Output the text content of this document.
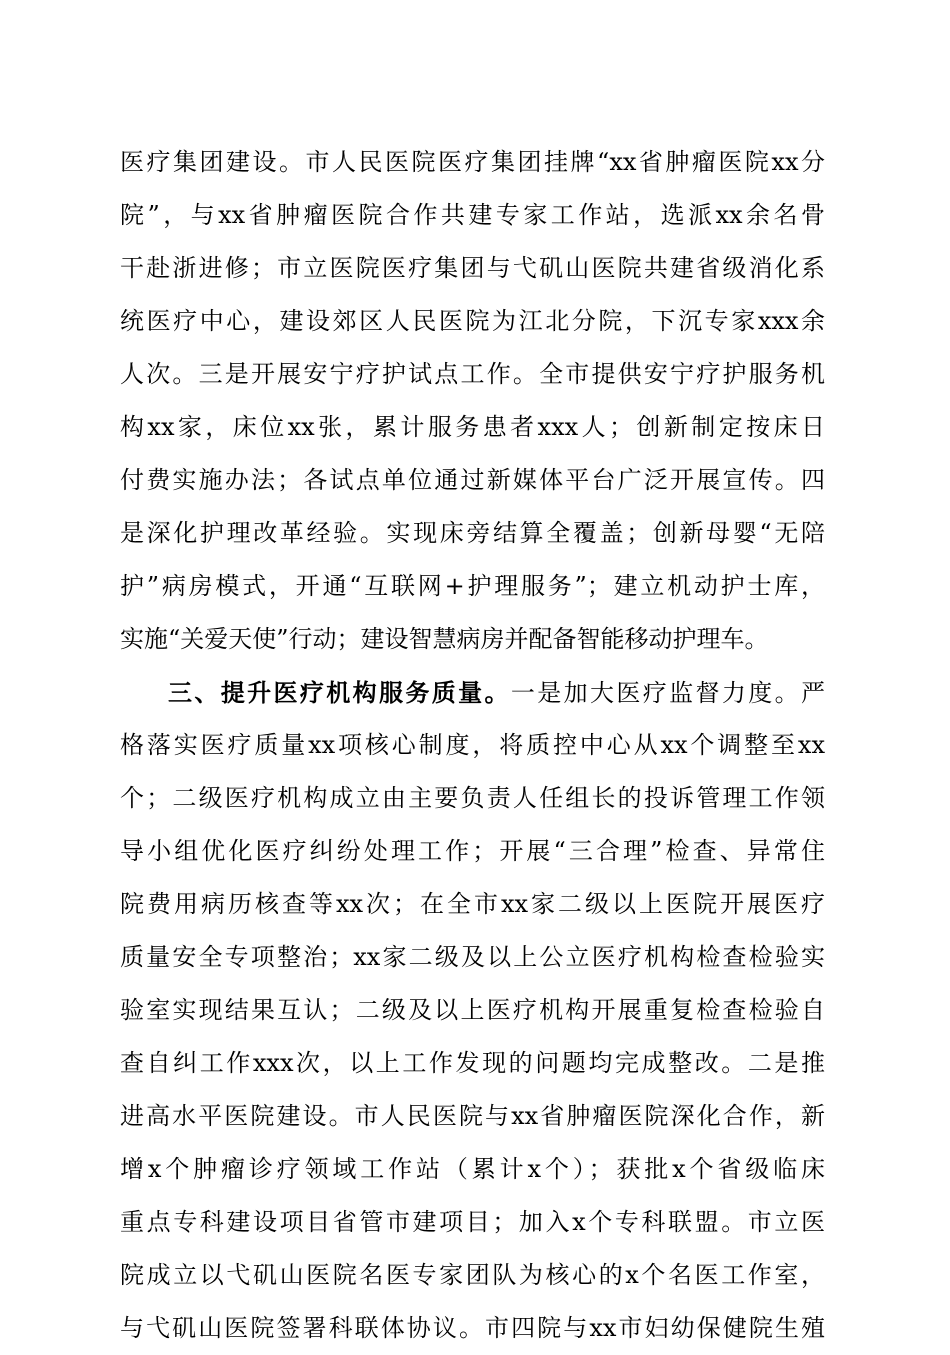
医疗集团建设。市人民医院医疗集团挂牌“xx省肿瘤医院xx分
院”，与xx省肿瘤医院合作共建专家工作站，选派xx余名骨
干赴浙进修；市立医院医疗集团与弋矶山医院共建省级消化系
统医疗中心，建设郊区人民医院为江北分院，下沉专家xxx余
人次。三是开展安宁疗护试点工作。全市提供安宁疗护服务机
构xx家，床位xx张，累计服务患者xxx人；创新制定按床日
付费实施办法；各试点单位通过新媒体平台广泛开展宣传。四
是深化护理改革经验。实现床旁结算全覆盖；创新母婴“无陪
护”病房模式，开通“互联网+护理服务”；建立机动护士库，
实施“关爱天使”行动；建设智慧病房并配备智能移动护理车。
三、提升医疗机构服务质量。一是加大医疗监督力度。严
格落实医疗质量xx项核心制度，将质控中心从xx个调整至xx
个；二级医疗机构成立由主要负责人任组长的投诉管理工作领
导小组优化医疗纠纷处理工作；开展“三合理”检查、异常住
院费用病历核查等xx次；在全市xx家二级以上医院开展医疗
质量安全专项整治；xx家二级及以上公立医疗机构检查检验实
验室实现结果互认；二级及以上医疗机构开展重复检查检验自
查自纠工作xxx次，以上工作发现的问题均完成整改。二是推
进高水平医院建设。市人民医院与xx省肿瘤医院深化合作，新
增x个肿瘤诊疗领域工作站（累计x个）；获批x个省级临床
重点专科建设项目省管市建项目；加入x个专科联盟。市立医
院成立以弋矶山医院名医专家团队为核心的x个名医工作室，
与弋矶山医院签署科联体协议。市四院与xx市妇幼保健院生殖
